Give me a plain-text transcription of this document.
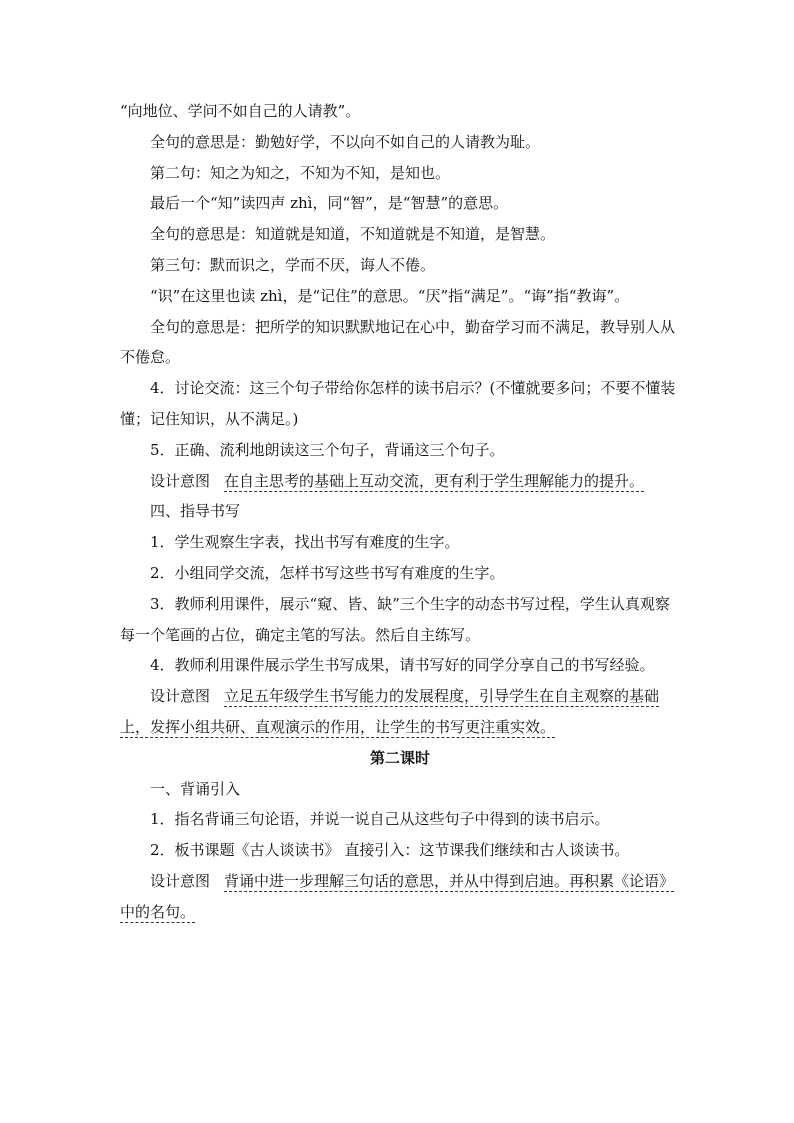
“向地位、学问不如自己的人请教”。

全句的意思是：勤勉好学，不以向不如自己的人请教为耻。

第二句：知之为知之，不知为不知，是知也。

最后一个“知”读四声 zhì，同“智”，是“智慧”的意思。

全句的意思是：知道就是知道，不知道就是不知道，是智慧。

第三句：默而识之，学而不厌，诲人不倦。

“识”在这里也读 zhì，是“记住”的意思。“厌”指“满足”。“诲”指“教诲”。

全句的意思是：把所学的知识默默地记在心中，勤奋学习而不满足，教导别人从不倦怠。

4．讨论交流：这三个句子带给你怎样的读书启示？(不懂就要多问；不要不懂装懂；记住知识，从不满足。)

5．正确、流利地朗读这三个句子，背诵这三个句子。

设计意图 在自主思考的基础上互动交流，更有利于学生理解能力的提升。

四、指导书写

1．学生观察生字表，找出书写有难度的生字。

2．小组同学交流，怎样书写这些书写有难度的生字。

3．教师利用课件，展示“窥、皆、缺”三个生字的动态书写过程，学生认真观察每一个笔画的占位，确定主笔的写法。然后自主练写。

4．教师利用课件展示学生书写成果，请书写好的同学分享自己的书写经验。

设计意图 立足五年级学生书写能力的发展程度，引导学生在自主观察的基础上，发挥小组共研、直观演示的作用，让学生的书写更注重实效。

第二课时

一、背诵引入

1．指名背诵三句论语，并说一说自己从这些句子中得到的读书启示。

2．板书课题《古人谈读书》 直接引入：这节课我们继续和古人谈读书。

设计意图 背诵中进一步理解三句话的意思，并从中得到启迪。再积累《论语》中的名句。
